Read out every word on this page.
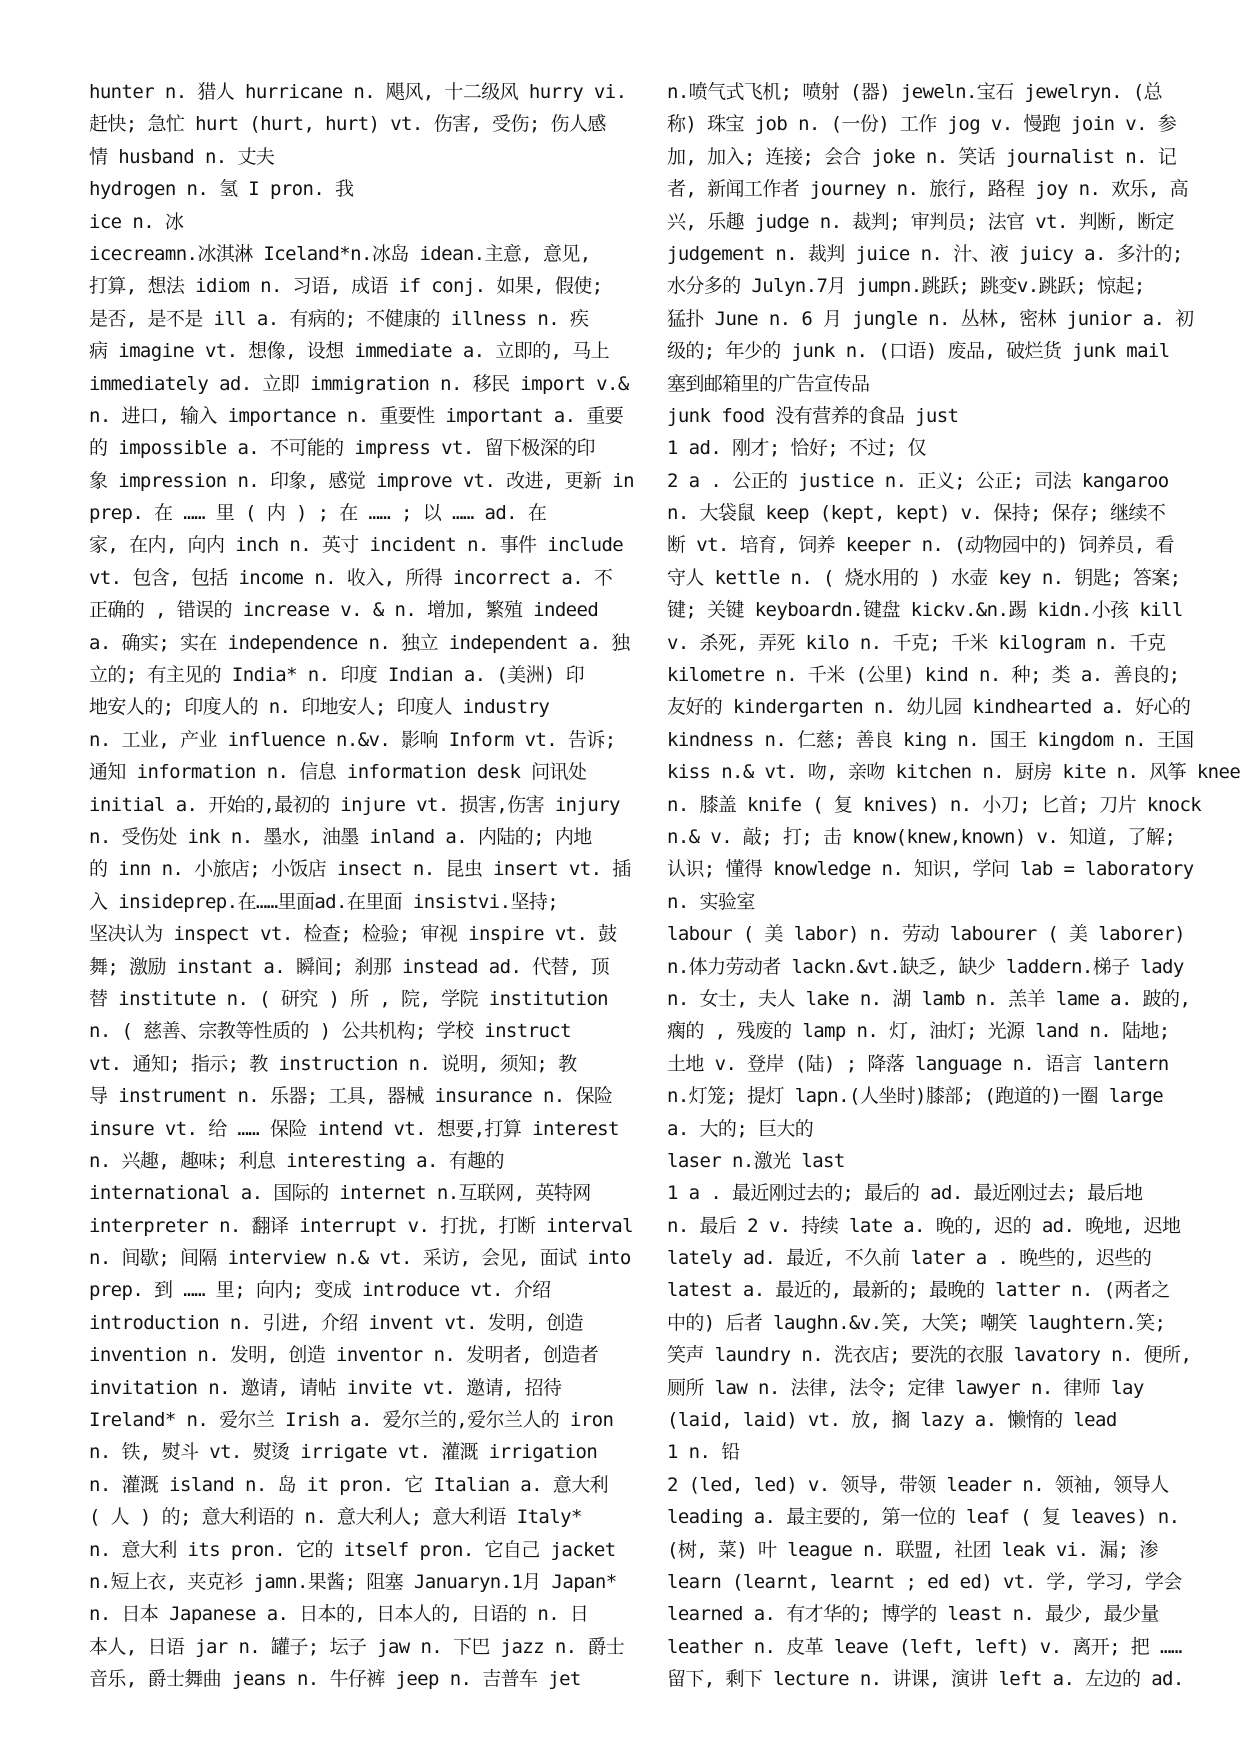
hunter n. 猎人 hurricane n. 飓风, 十二级风 hurry vi.
赶快; 急忙 hurt (hurt, hurt) vt. 伤害, 受伤; 伤人感
情 husband n. 丈夫
hydrogen n. 氢 I pron. 我
ice n. 冰
icecreamn.冰淇淋 Iceland*n.冰岛 idean.主意, 意见,
打算, 想法 idiom n. 习语, 成语 if conj. 如果, 假使;
是否, 是不是 ill a. 有病的; 不健康的 illness n. 疾
病 imagine vt. 想像, 设想 immediate a. 立即的, 马上
immediately ad. 立即 immigration n. 移民 import v.&
n. 进口, 输入 importance n. 重要性 important a. 重要
的 impossible a. 不可能的 impress vt. 留下极深的印
象 impression n. 印象, 感觉 improve vt. 改进, 更新 in
prep. 在 …… 里 ( 内 ) ; 在 …… ; 以 …… ad. 在
家, 在内, 向内 inch n. 英寸 incident n. 事件 include
vt. 包含, 包括 income n. 收入, 所得 incorrect a. 不
正确的 , 错误的 increase v. & n. 增加, 繁殖 indeed
a. 确实; 实在 independence n. 独立 independent a. 独
立的; 有主见的 India* n. 印度 Indian a. (美洲) 印
地安人的; 印度人的 n. 印地安人; 印度人 industry
n. 工业, 产业 influence n.&v. 影响 Inform vt. 告诉;
通知 information n. 信息 information desk 问讯处
initial a. 开始的,最初的 injure vt. 损害,伤害 injury
n. 受伤处 ink n. 墨水, 油墨 inland a. 内陆的; 内地
的 inn n. 小旅店; 小饭店 insect n. 昆虫 insert vt. 插
入 insideprep.在……里面ad.在里面 insistvi.坚持;
坚决认为 inspect vt. 检查; 检验; 审视 inspire vt. 鼓
舞; 激励 instant a. 瞬间; 刹那 instead ad. 代替, 顶
替 institute n. ( 研究 ) 所 , 院, 学院 institution
n. ( 慈善、宗教等性质的 ) 公共机构; 学校 instruct
vt. 通知; 指示; 教 instruction n. 说明, 须知; 教
导 instrument n. 乐器; 工具, 器械 insurance n. 保险
insure vt. 给 …… 保险 intend vt. 想要,打算 interest
n. 兴趣, 趣味; 利息 interesting a. 有趣的
international a. 国际的 internet n.互联网, 英特网
interpreter n. 翻译 interrupt v. 打扰, 打断 interval
n. 间歇; 间隔 interview n.& vt. 采访, 会见, 面试 into
prep. 到 …… 里; 向内; 变成 introduce vt. 介绍
introduction n. 引进, 介绍 invent vt. 发明, 创造
invention n. 发明, 创造 inventor n. 发明者, 创造者
invitation n. 邀请, 请帖 invite vt. 邀请, 招待
Ireland* n. 爱尔兰 Irish a. 爱尔兰的,爱尔兰人的 iron
n. 铁, 熨斗 vt. 熨烫 irrigate vt. 灌溉 irrigation
n. 灌溉 island n. 岛 it pron. 它 Italian a. 意大利
( 人 ) 的; 意大利语的 n. 意大利人; 意大利语 Italy*
n. 意大利 its pron. 它的 itself pron. 它自己 jacket
n.短上衣, 夹克衫 jamn.果酱; 阻塞 Januaryn.1月 Japan*
n. 日本 Japanese a. 日本的, 日本人的, 日语的 n. 日
本人, 日语 jar n. 罐子; 坛子 jaw n. 下巴 jazz n. 爵士
音乐, 爵士舞曲 jeans n. 牛仔裤 jeep n. 吉普车 jet
n.喷气式飞机; 喷射 (器) jeweln.宝石 jewelryn. (总
称) 珠宝 job n. (一份) 工作 jog v. 慢跑 join v. 参
加, 加入; 连接; 会合 joke n. 笑话 journalist n. 记
者, 新闻工作者 journey n. 旅行, 路程 joy n. 欢乐, 高
兴, 乐趣 judge n. 裁判; 审判员; 法官 vt. 判断, 断定
judgement n. 裁判 juice n. 汁、液 juicy a. 多汁的;
水分多的 Julyn.7月 jumpn.跳跃; 跳变v.跳跃; 惊起;
猛扑 June n. 6 月 jungle n. 丛林, 密林 junior a. 初
级的; 年少的 junk n. (口语) 废品, 破烂货 junk mail
塞到邮箱里的广告宣传品
junk food 没有营养的食品 just
1 ad. 刚才; 恰好; 不过; 仅
2 a . 公正的 justice n. 正义; 公正; 司法 kangaroo
n. 大袋鼠 keep (kept, kept) v. 保持; 保存; 继续不
断 vt. 培育, 饲养 keeper n. (动物园中的) 饲养员, 看
守人 kettle n. ( 烧水用的 ) 水壶 key n. 钥匙; 答案;
键; 关键 keyboardn.键盘 kickv.&n.踢 kidn.小孩 kill
v. 杀死, 弄死 kilo n. 千克; 千米 kilogram n. 千克
kilometre n. 千米 (公里) kind n. 种; 类 a. 善良的;
友好的 kindergarten n. 幼儿园 kindhearted a. 好心的
kindness n. 仁慈; 善良 king n. 国王 kingdom n. 王国
kiss n.& vt. 吻, 亲吻 kitchen n. 厨房 kite n. 风筝 knee
n. 膝盖 knife ( 复 knives) n. 小刀; 匕首; 刀片 knock
n.& v. 敲; 打; 击 know(knew,known) v. 知道, 了解;
认识; 懂得 knowledge n. 知识, 学问 lab = laboratory
n. 实验室
labour ( 美 labor) n. 劳动 labourer ( 美 laborer)
n.体力劳动者 lackn.&vt.缺乏, 缺少 laddern.梯子 lady
n. 女士, 夫人 lake n. 湖 lamb n. 羔羊 lame a. 跛的,
瘸的 , 残废的 lamp n. 灯, 油灯; 光源 land n. 陆地;
土地 v. 登岸 (陆) ; 降落 language n. 语言 lantern
n.灯笼; 提灯 lapn.(人坐时)膝部; (跑道的)一圈 large
a. 大的; 巨大的
laser n.激光 last
1 a . 最近刚过去的; 最后的 ad. 最近刚过去; 最后地
n. 最后 2 v. 持续 late a. 晚的, 迟的 ad. 晚地, 迟地
lately ad. 最近, 不久前 later a . 晚些的, 迟些的
latest a. 最近的, 最新的; 最晚的 latter n. (两者之
中的) 后者 laughn.&v.笑, 大笑; 嘲笑 laughtern.笑;
笑声 laundry n. 洗衣店; 要洗的衣服 lavatory n. 便所,
厕所 law n. 法律, 法令; 定律 lawyer n. 律师 lay
(laid, laid) vt. 放, 搁 lazy a. 懒惰的 lead
1 n. 铅
2 (led, led) v. 领导, 带领 leader n. 领袖, 领导人
leading a. 最主要的, 第一位的 leaf ( 复 leaves) n.
(树, 菜) 叶 league n. 联盟, 社团 leak vi. 漏; 渗
learn (learnt, learnt ; ed ed) vt. 学, 学习, 学会
learned a. 有才华的; 博学的 least n. 最少, 最少量
leather n. 皮革 leave (left, left) v. 离开; 把 ……
留下, 剩下 lecture n. 讲课, 演讲 left a. 左边的 ad.
